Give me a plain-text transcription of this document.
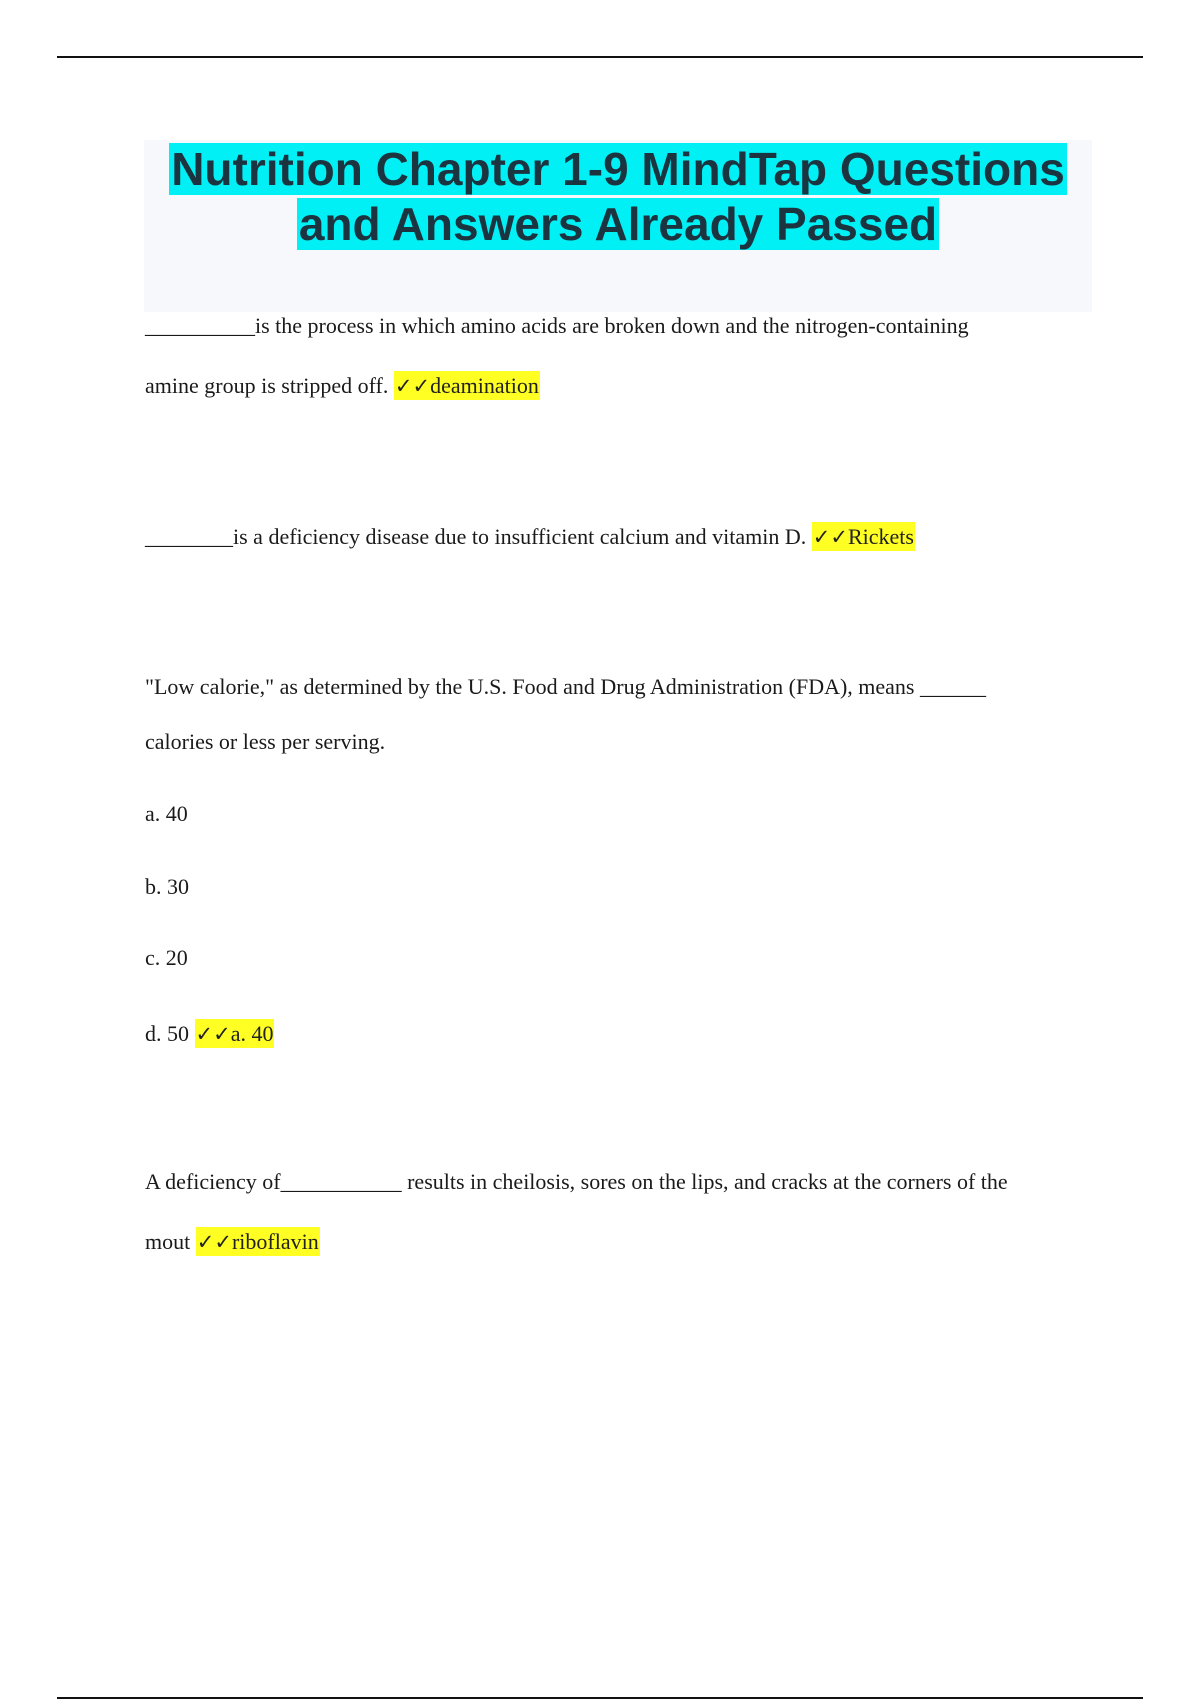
Nutrition Chapter 1-9 MindTap Questions
and Answers Already Passed

__________is the process in which amino acids are broken down and the nitrogen-containing

amine group is stripped off. ✓✓deamination

________is a deficiency disease due to insufficient calcium and vitamin D. ✓✓Rickets

"Low calorie," as determined by the U.S. Food and Drug Administration (FDA), means ______

calories or less per serving.

a. 40

b. 30

c. 20

d. 50 ✓✓a. 40

A deficiency of___________ results in cheilosis, sores on the lips, and cracks at the corners of the

mout ✓✓riboflavin
